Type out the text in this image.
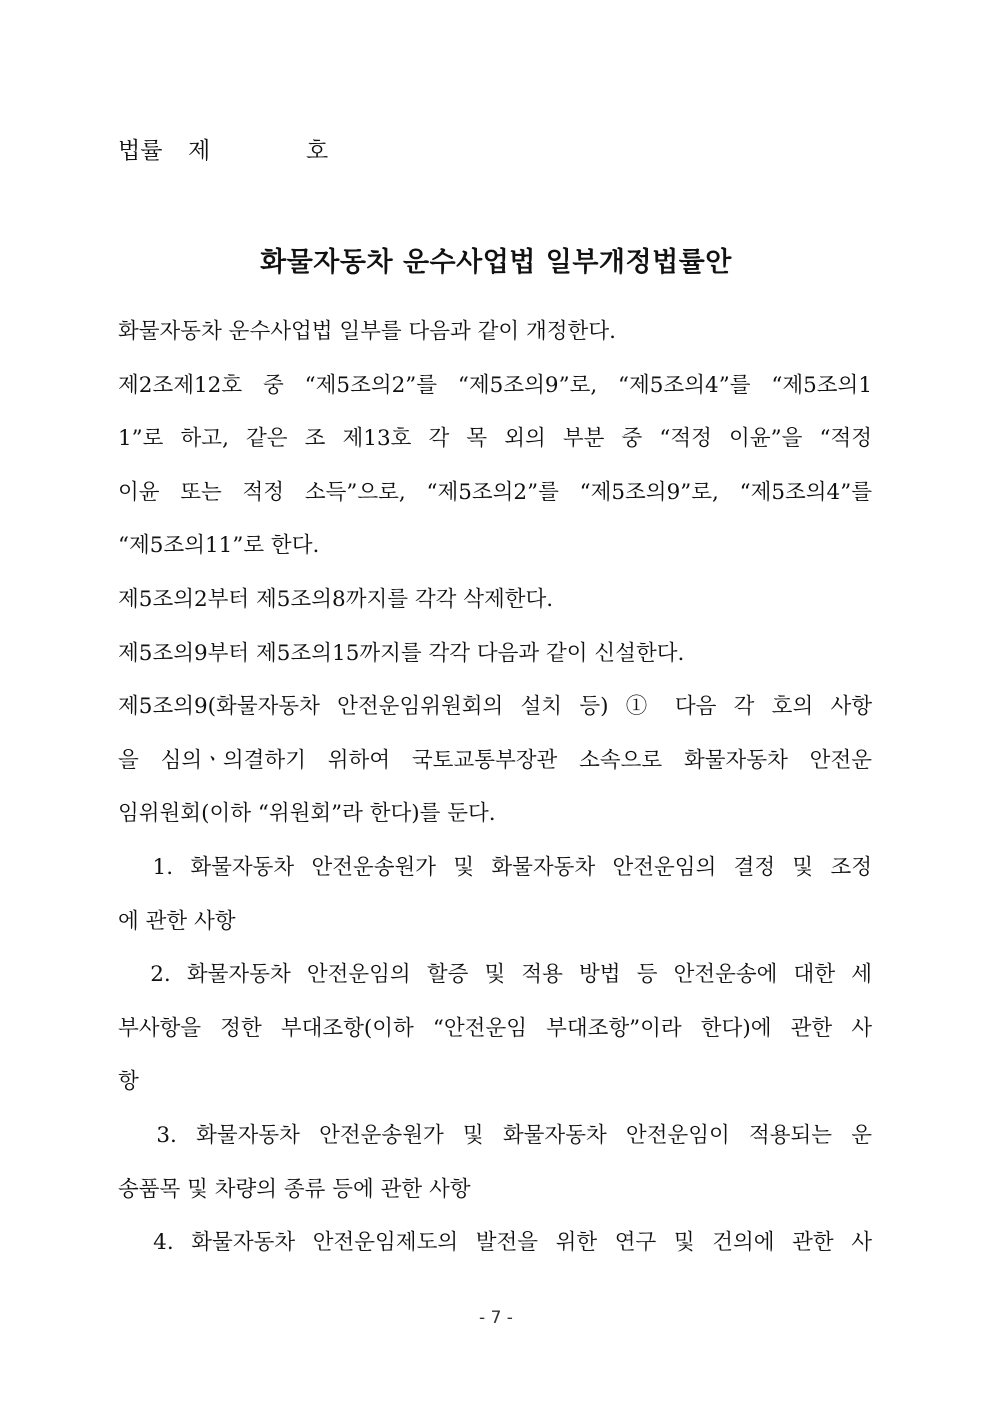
법률	제	호
화물자동차 운수사업법 일부개정법률안
화물자동차 운수사업법 일부를 다음과 같이 개정한다.
제2조제12호 중 “제5조의2”를 “제5조의9”로, “제5조의4”를 “제5조의1
1”로 하고, 같은 조 제13호 각 목 외의 부분 중 “적정 이윤”을 “적정
이윤 또는 적정 소득”으로, “제5조의2”를 “제5조의9”로, “제5조의4”를
“제5조의11”로 한다.
제5조의2부터 제5조의8까지를 각각 삭제한다.
제5조의9부터 제5조의15까지를 각각 다음과 같이 신설한다.
제5조의9(화물자동차 안전운임위원회의 설치 등) ① 다음 각 호의 사항
을 심의ㆍ의결하기 위하여 국토교통부장관 소속으로 화물자동차 안전운
임위원회(이하 “위원회”라 한다)를 둔다.
1. 화물자동차 안전운송원가 및 화물자동차 안전운임의 결정 및 조정
에 관한 사항
2. 화물자동차 안전운임의 할증 및 적용 방법 등 안전운송에 대한 세
부사항을 정한 부대조항(이하 “안전운임 부대조항”이라 한다)에 관한 사
항
3. 화물자동차 안전운송원가 및 화물자동차 안전운임이 적용되는 운
송품목 및 차량의 종류 등에 관한 사항
4. 화물자동차 안전운임제도의 발전을 위한 연구 및 건의에 관한 사
- 7 -
